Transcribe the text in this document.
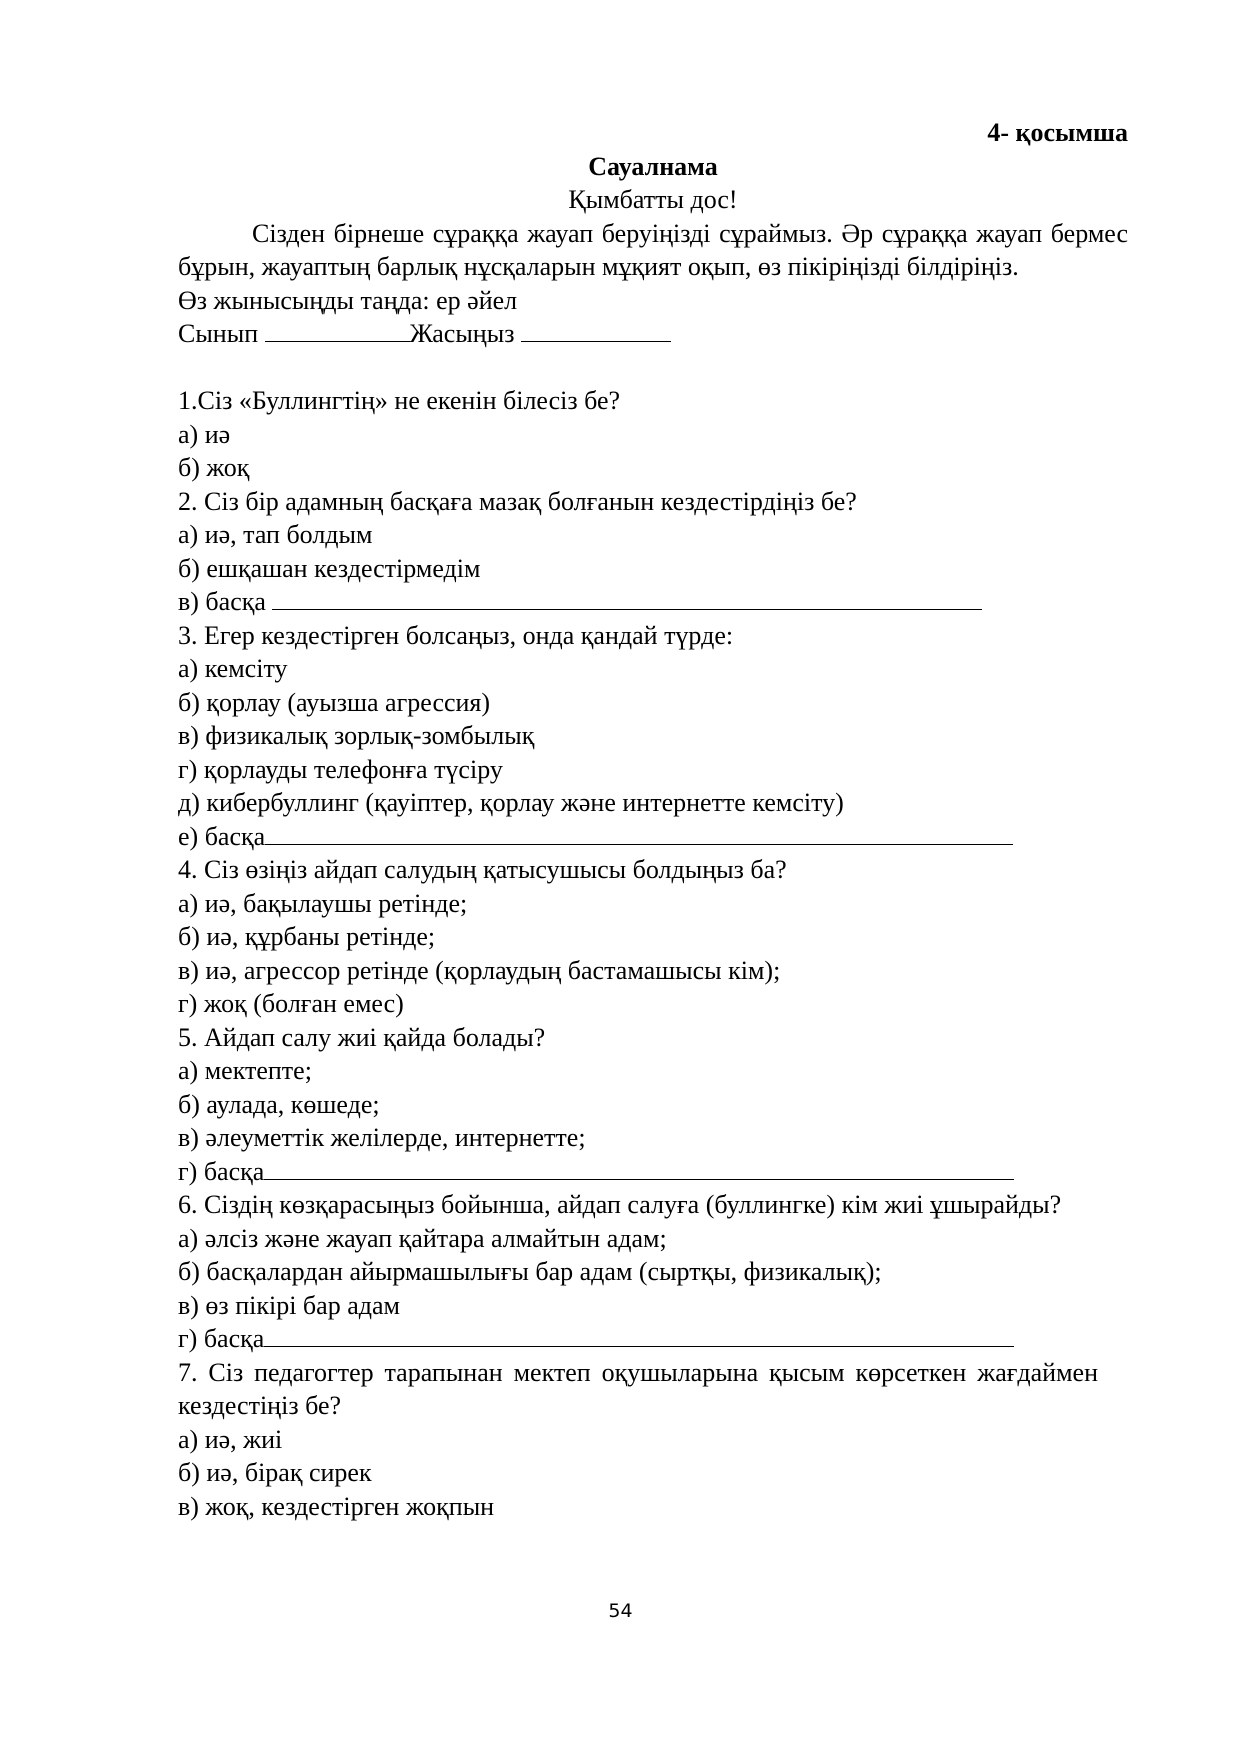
4- қосымша
Сауалнама
Қымбатты дос!
Сізден бірнеше сұраққа жауап беруіңізді сұраймыз. Әр сұраққа жауап бермес бұрын, жауаптың барлық нұсқаларын мұқият оқып, өз пікіріңізді білдіріңіз.
Өз жынысыңды таңда: ер әйел
Сынып	Жасыңыз
1.Сіз «Буллингтің» не екенін білесіз бе?
а) иә
б) жоқ
2. Сіз бір адамның басқаға мазақ болғанын кездестірдіңіз бе?
а) иә, тап болдым
б) ешқашан кездестірмедім
в) басқа
3. Егер кездестірген болсаңыз, онда қандай түрде:
а) кемсіту
б) қорлау (ауызша агрессия)
в) физикалық зорлық-зомбылық
г) қорлауды телефонға түсіру
д) кибербуллинг (қауіптер, қорлау және интернетте кемсіту)
е) басқа
4. Сіз өзіңіз айдап салудың қатысушысы болдыңыз ба?
а) иә, бақылаушы ретінде;
б) иә, құрбаны ретінде;
в) иә, агрессор ретінде (қорлаудың бастамашысы кім);
г) жоқ (болған емес)
5. Айдап салу жиі қайда болады?
а) мектепте;
б) аулада, көшеде;
в) әлеуметтік желілерде, интернетте;
г) басқа
6. Сіздің көзқарасыңыз бойынша, айдап салуға (буллингке) кім жиі ұшырайды?
а) әлсіз және жауап қайтара алмайтын адам;
б) басқалардан айырмашылығы бар адам (сыртқы, физикалық);
в) өз пікірі бар адам
г) басқа
7. Сіз педагогтер тарапынан мектеп оқушыларына қысым көрсеткен жағдаймен кездестіңіз бе?
а) иә, жиі
б) иә, бірақ сирек
в) жоқ, кездестірген жоқпын
54
